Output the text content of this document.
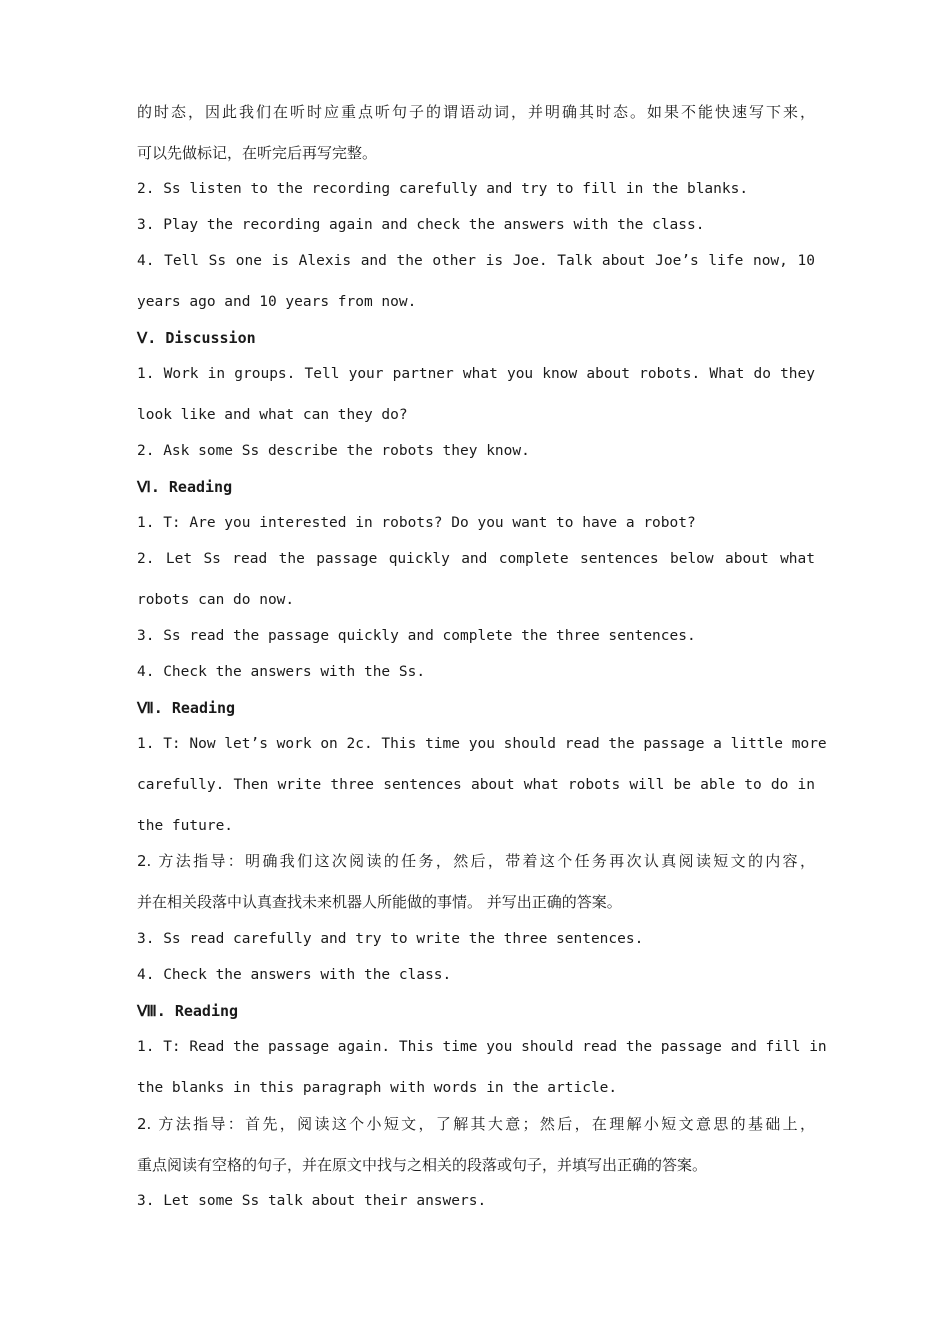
的时态，因此我们在听时应重点听句子的谓语动词，并明确其时态。如果不能快速写下来，
可以先做标记，在听完后再写完整。
2. Ss listen to the recording carefully and try to fill in the blanks.
3. Play the recording again and check the answers with the class.
4. Tell Ss one is Alexis and the other is Joe. Talk about Joe’s life now, 10
years ago and 10 years from now.
Ⅴ. Discussion
1. Work in groups. Tell your partner what you know about robots. What do they
look like and what can they do?
2. Ask some Ss describe the robots they know.
Ⅵ. Reading
1. T: Are you interested in robots? Do you want to have a robot?
2. Let Ss read the passage quickly and complete sentences below about what
robots can do now.
3. Ss read the passage quickly and complete the three sentences.
4. Check the answers with the Ss.
Ⅶ. Reading
1. T: Now let’s work on 2c. This time you should read the passage a little more
carefully. Then write three sentences about what robots will be able to do in
the future.
2. 方法指导：明确我们这次阅读的任务，然后，带着这个任务再次认真阅读短文的内容，
并在相关段落中认真查找未来机器人所能做的事情。 并写出正确的答案。
3. Ss read carefully and try to write the three sentences.
4. Check the answers with the class.
Ⅷ. Reading
1. T: Read the passage again. This time you should read the passage and fill in
the blanks in this paragraph with words in the article.
2. 方法指导：首先，阅读这个小短文，了解其大意；然后，在理解小短文意思的基础上，
重点阅读有空格的句子，并在原文中找与之相关的段落或句子，并填写出正确的答案。
3. Let some Ss talk about their answers.
